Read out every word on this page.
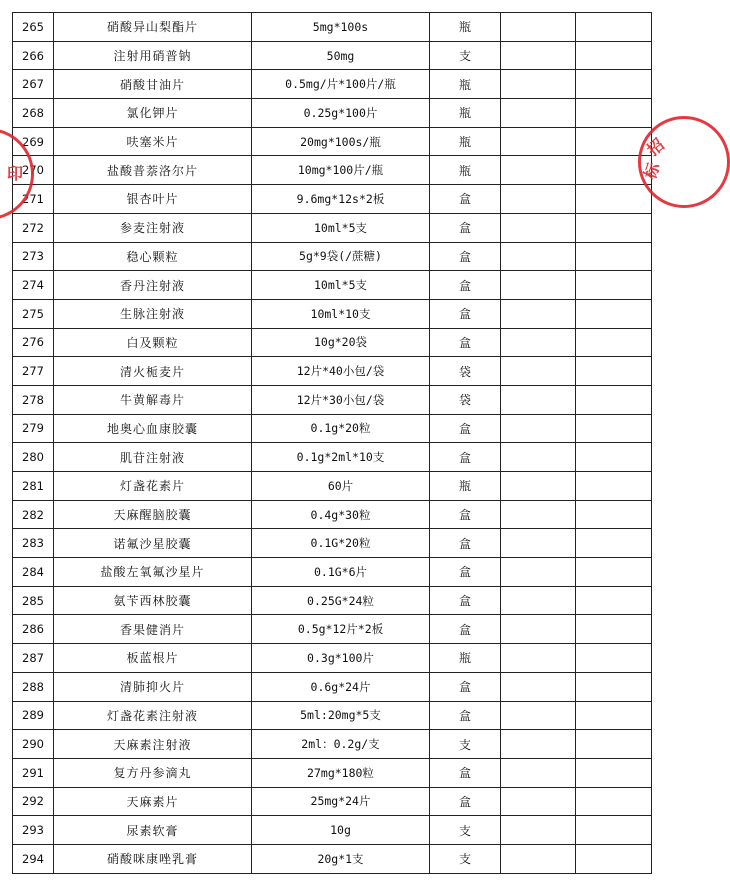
265	硝酸异山梨酯片	5mg*100s	瓶		
266	注射用硝普钠	50mg	支		
267	硝酸甘油片	0.5mg/片*100片/瓶	瓶		
268	氯化钾片	0.25g*100片	瓶		
269	呋塞米片	20mg*100s/瓶	瓶		
270	盐酸普萘洛尔片	10mg*100片/瓶	瓶		
271	银杏叶片	9.6mg*12s*2板	盒		
272	参麦注射液	10ml*5支	盒		
273	稳心颗粒	5g*9袋(/蔗糖)	盒		
274	香丹注射液	10ml*5支	盒		
275	生脉注射液	10ml*10支	盒		
276	白及颗粒	10g*20袋	盒		
277	清火栀麦片	12片*40小包/袋	袋		
278	牛黄解毒片	12片*30小包/袋	袋		
279	地奥心血康胶囊	0.1g*20粒	盒		
280	肌苷注射液	0.1g*2ml*10支	盒		
281	灯盏花素片	60片	瓶		
282	天麻醒脑胶囊	0.4g*30粒	盒		
283	诺氟沙星胶囊	0.1G*20粒	盒		
284	盐酸左氧氟沙星片	0.1G*6片	盒		
285	氨苄西林胶囊	0.25G*24粒	盒		
286	香果健消片	0.5g*12片*2板	盒		
287	板蓝根片	0.3g*100片	瓶		
288	清肺抑火片	0.6g*24片	盒		
289	灯盏花素注射液	5ml:20mg*5支	盒		
290	天麻素注射液	2ml：0.2g/支	支		
291	复方丹参滴丸	27mg*180粒	盒		
292	天麻素片	25mg*24片	盒		
293	尿素软膏	10g	支		
294	硝酸咪康唑乳膏	20g*1支	支		
印
招
标
